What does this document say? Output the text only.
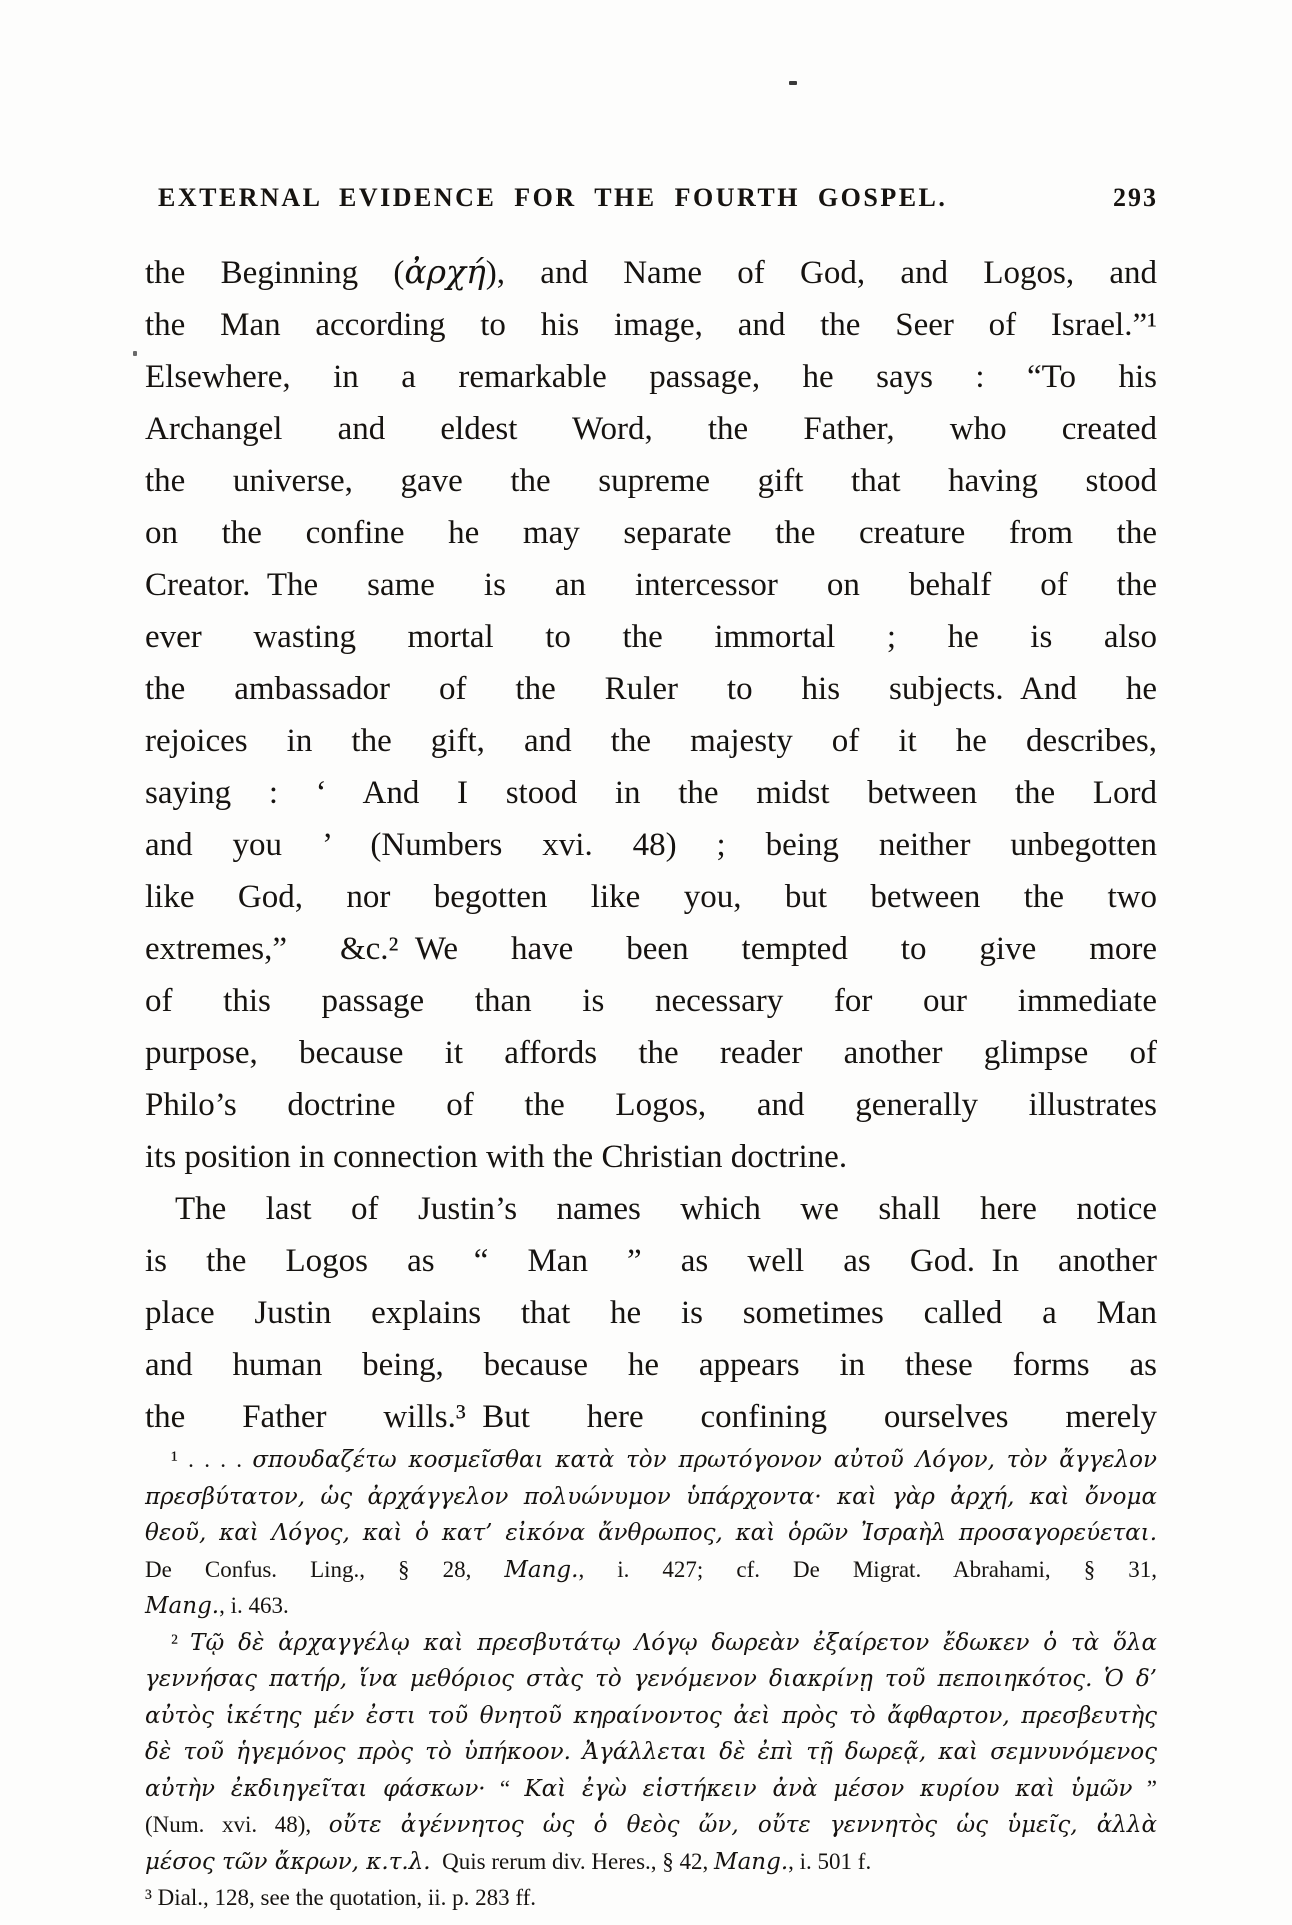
EXTERNAL EVIDENCE FOR THE FOURTH GOSPEL.	293
the Beginning (ἀρχή), and Name of God, and Logos, and
the Man according to his image, and the Seer of Israel.”¹
Elsewhere, in a remarkable passage, he says : “To his
Archangel and eldest Word, the Father, who created
the universe, gave the supreme gift that having stood
on the confine he may separate the creature from the
Creator. The same is an intercessor on behalf of the
ever wasting mortal to the immortal ; he is also
the ambassador of the Ruler to his subjects. And he
rejoices in the gift, and the majesty of it he describes,
saying : ‘ And I stood in the midst between the Lord
and you ’ (Numbers xvi. 48) ; being neither unbegotten
like God, nor begotten like you, but between the two
extremes,” &c.² We have been tempted to give more
of this passage than is necessary for our immediate
purpose, because it affords the reader another glimpse of
Philo’s doctrine of the Logos, and generally illustrates
its position in connection with the Christian doctrine.
The last of Justin’s names which we shall here notice
is the Logos as “ Man ” as well as God. In another
place Justin explains that he is sometimes called a Man
and human being, because he appears in these forms as
the Father wills.³ But here confining ourselves merely
¹ . . . . σπουδαζέτω κοσμεῖσθαι κατὰ τὸν πρωτόγονον αὐτοῦ Λόγον, τὸν ἄγγελον
πρεσβύτατον, ὡς ἀρχάγγελον πολυώνυμον ὑπάρχοντα· καὶ γὰρ ἀρχή, καὶ ὄνομα
θεοῦ, καὶ Λόγος, καὶ ὁ κατ’ εἰκόνα ἄνθρωπος, καὶ ὁρῶν Ἰσραὴλ προσαγορεύεται.
De Confus. Ling., § 28, Mang., i. 427; cf. De Migrat. Abrahami, § 31,
Mang., i. 463.
² Τῷ δὲ ἀρχαγγέλῳ καὶ πρεσβυτάτῳ Λόγῳ δωρεὰν ἐξαίρετον ἔδωκεν ὁ τὰ ὅλα
γεννήσας πατήρ, ἵνα μεθόριος στὰς τὸ γενόμενον διακρίνῃ τοῦ πεποιηκότος.  Ὁ δ’
αὐτὸς ἱκέτης μέν ἐστι τοῦ θνητοῦ κηραίνοντος ἀεὶ πρὸς τὸ ἄφθαρτον, πρεσβευτὴς
δὲ τοῦ ἡγεμόνος πρὸς τὸ ὑπήκοον.  Ἀγάλλεται δὲ ἐπὶ τῇ δωρεᾷ, καὶ σεμνυνόμενος
αὐτὴν ἐκδιηγεῖται φάσκων· “ Καὶ ἐγὼ εἱστήκειν ἀνὰ μέσον κυρίου καὶ ὑμῶν ”
(Num. xvi. 48), οὔτε ἀγέννητος ὡς ὁ θεὸς ὤν, οὔτε γεννητὸς ὡς ὑμεῖς, ἀλλὰ
μέσος τῶν ἄκρων, κ.τ.λ. Quis rerum div. Heres., § 42, Mang., i. 501 f.
³ Dial., 128, see the quotation, ii. p. 283 ff.
